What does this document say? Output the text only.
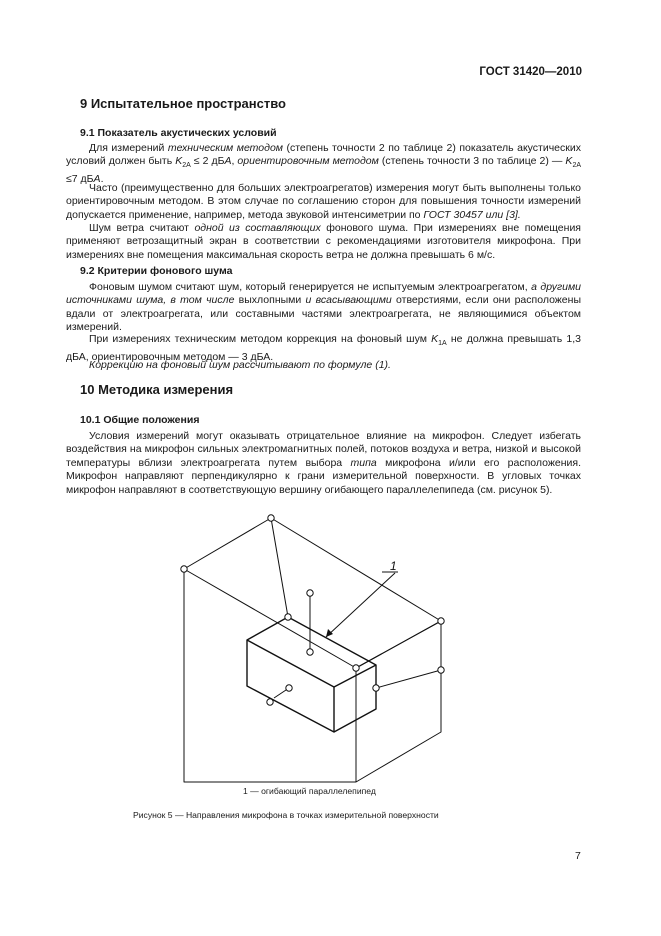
ГОСТ 31420—2010
9 Испытательное пространство
9.1 Показатель акустических условий
Для измерений техническим методом (степень точности 2 по таблице 2) показатель акустических условий должен быть $K_{2A} \le 2$ дБA, ориентировочным методом (степень точности 3 по таблице 2) — $K_{2A} \le 7$ дБA.
Часто (преимущественно для больших электроагрегатов) измерения могут быть выполнены только ориентировочным методом. В этом случае по соглашению сторон для повышения точности измерений допускается применение, например, метода звуковой интенсиметрии по ГОСТ 30457 или [3].
Шум ветра считают одной из составляющих фонового шума. При измерениях вне помещения применяют ветрозащитный экран в соответствии с рекомендациями изготовителя микрофона. При измерениях вне помещения максимальная скорость ветра не должна превышать 6 м/с.
9.2 Критерии фонового шума
Фоновым шумом считают шум, который генерируется не испытуемым электроагрегатом, а другими источниками шума, в том числе выхлопными и всасывающими отверстиями, если они расположены вдали от электроагрегата, или составными частями электроагрегата, не являющимися объектом измерений.
При измерениях техническим методом коррекция на фоновый шум $K_{1A}$ не должна превышать 1,3 дБА, ориентировочным методом — 3 дБА.
Коррекцию на фоновый шум рассчитывают по формуле (1).
10 Методика измерения
10.1 Общие положения
Условия измерений могут оказывать отрицательное влияние на микрофон. Следует избегать воздействия на микрофон сильных электромагнитных полей, потоков воздуха и ветра, низкой и высокой температуры вблизи электроагрегата путем выбора типа микрофона и/или его расположения. Микрофон направляют перпендикулярно к грани измерительной поверхности. В угловых точках микрофон направляют в соответствующую вершину огибающего параллелепипеда (см. рисунок 5).
1
1 — огибающий параллелепипед
Рисунок 5 — Направления микрофона в точках измерительной поверхности
7
